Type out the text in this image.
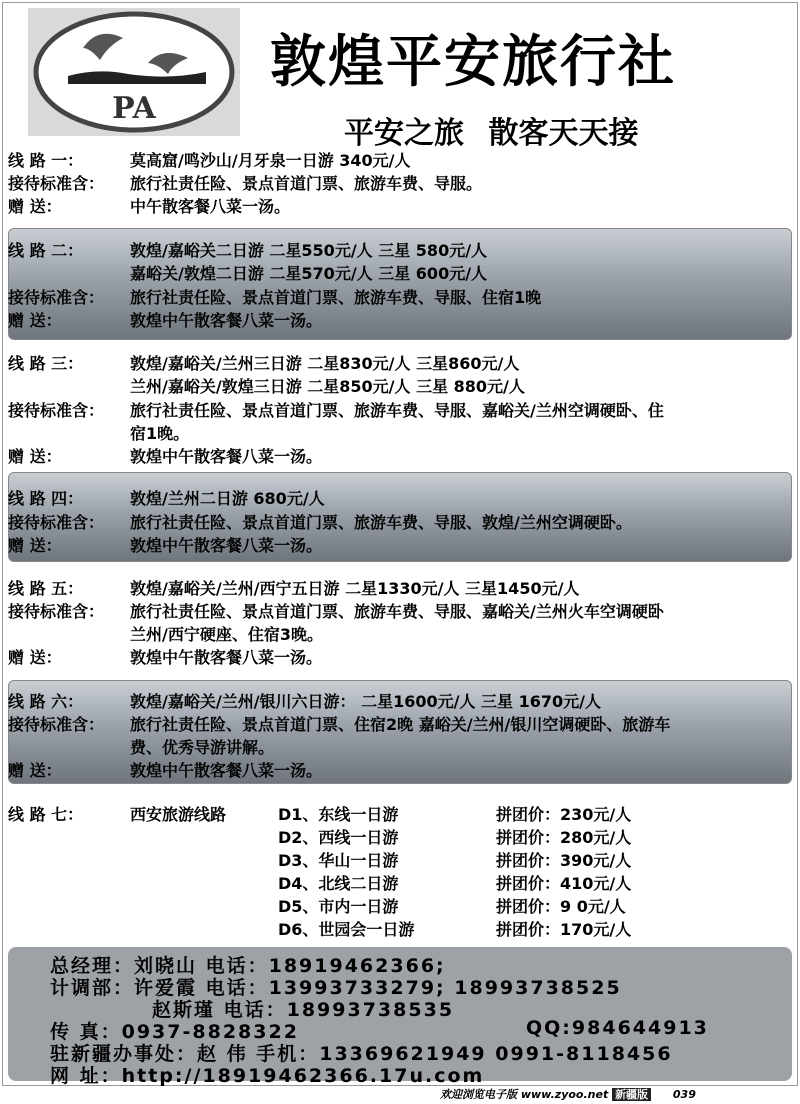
PA
敦煌平安旅行社
平安之旅 散客天天接
线 路 一：	莫高窟/鸣沙山/月牙泉一日游 340元/人
接待标准含：	旅行社责任险、景点首道门票、旅游车费、导服。
赠 送：	中午散客餐八菜一汤。
线 路 二：	敦煌/嘉峪关二日游 二星550元/人 三星 580元/人
嘉峪关/敦煌二日游 二星570元/人 三星 600元/人
接待标准含：	旅行社责任险、景点首道门票、旅游车费、导服、住宿1晚
赠 送：	敦煌中午散客餐八菜一汤。
线 路 三：	敦煌/嘉峪关/兰州三日游 二星830元/人 三星860元/人
兰州/嘉峪关/敦煌三日游 二星850元/人 三星 880元/人
接待标准含：	旅行社责任险、景点首道门票、旅游车费、导服、嘉峪关/兰州空调硬卧、住
宿1晚。
赠 送：	敦煌中午散客餐八菜一汤。
线 路 四：	敦煌/兰州二日游 680元/人
接待标准含：	旅行社责任险、景点首道门票、旅游车费、导服、敦煌/兰州空调硬卧。
赠 送：	敦煌中午散客餐八菜一汤。
线 路 五：	敦煌/嘉峪关/兰州/西宁五日游 二星1330元/人 三星1450元/人
接待标准含：	旅行社责任险、景点首道门票、旅游车费、导服、嘉峪关/兰州火车空调硬卧
兰州/西宁硬座、住宿3晚。
赠 送：	敦煌中午散客餐八菜一汤。
线 路 六：	敦煌/嘉峪关/兰州/银川六日游： 二星1600元/人 三星 1670元/人
接待标准含：	旅行社责任险、景点首道门票、住宿2晚 嘉峪关/兰州/银川空调硬卧、旅游车
费、优秀导游讲解。
赠 送：	敦煌中午散客餐八菜一汤。
线 路 七：	西安旅游线路	D1、东线一日游	拼团价：230元/人
D2、西线一日游	拼团价：280元/人
D3、华山一日游	拼团价：390元/人
D4、北线二日游	拼团价：410元/人
D5、市内一日游	拼团价：9 0元/人
D6、世园会一日游	拼团价：170元/人
总经理：刘晓山 电话：18919462366;
计调部：许爱霞 电话：13993733279; 18993738525
赵斯瑾 电话：18993738535
传 真：0937-8828322	QQ:984644913
驻新疆办事处：赵 伟 手机：13369621949 0991-8118456
网 址：http://18919462366.17u.com
欢迎浏览电子版 www.zyoo.net 新疆版 039
